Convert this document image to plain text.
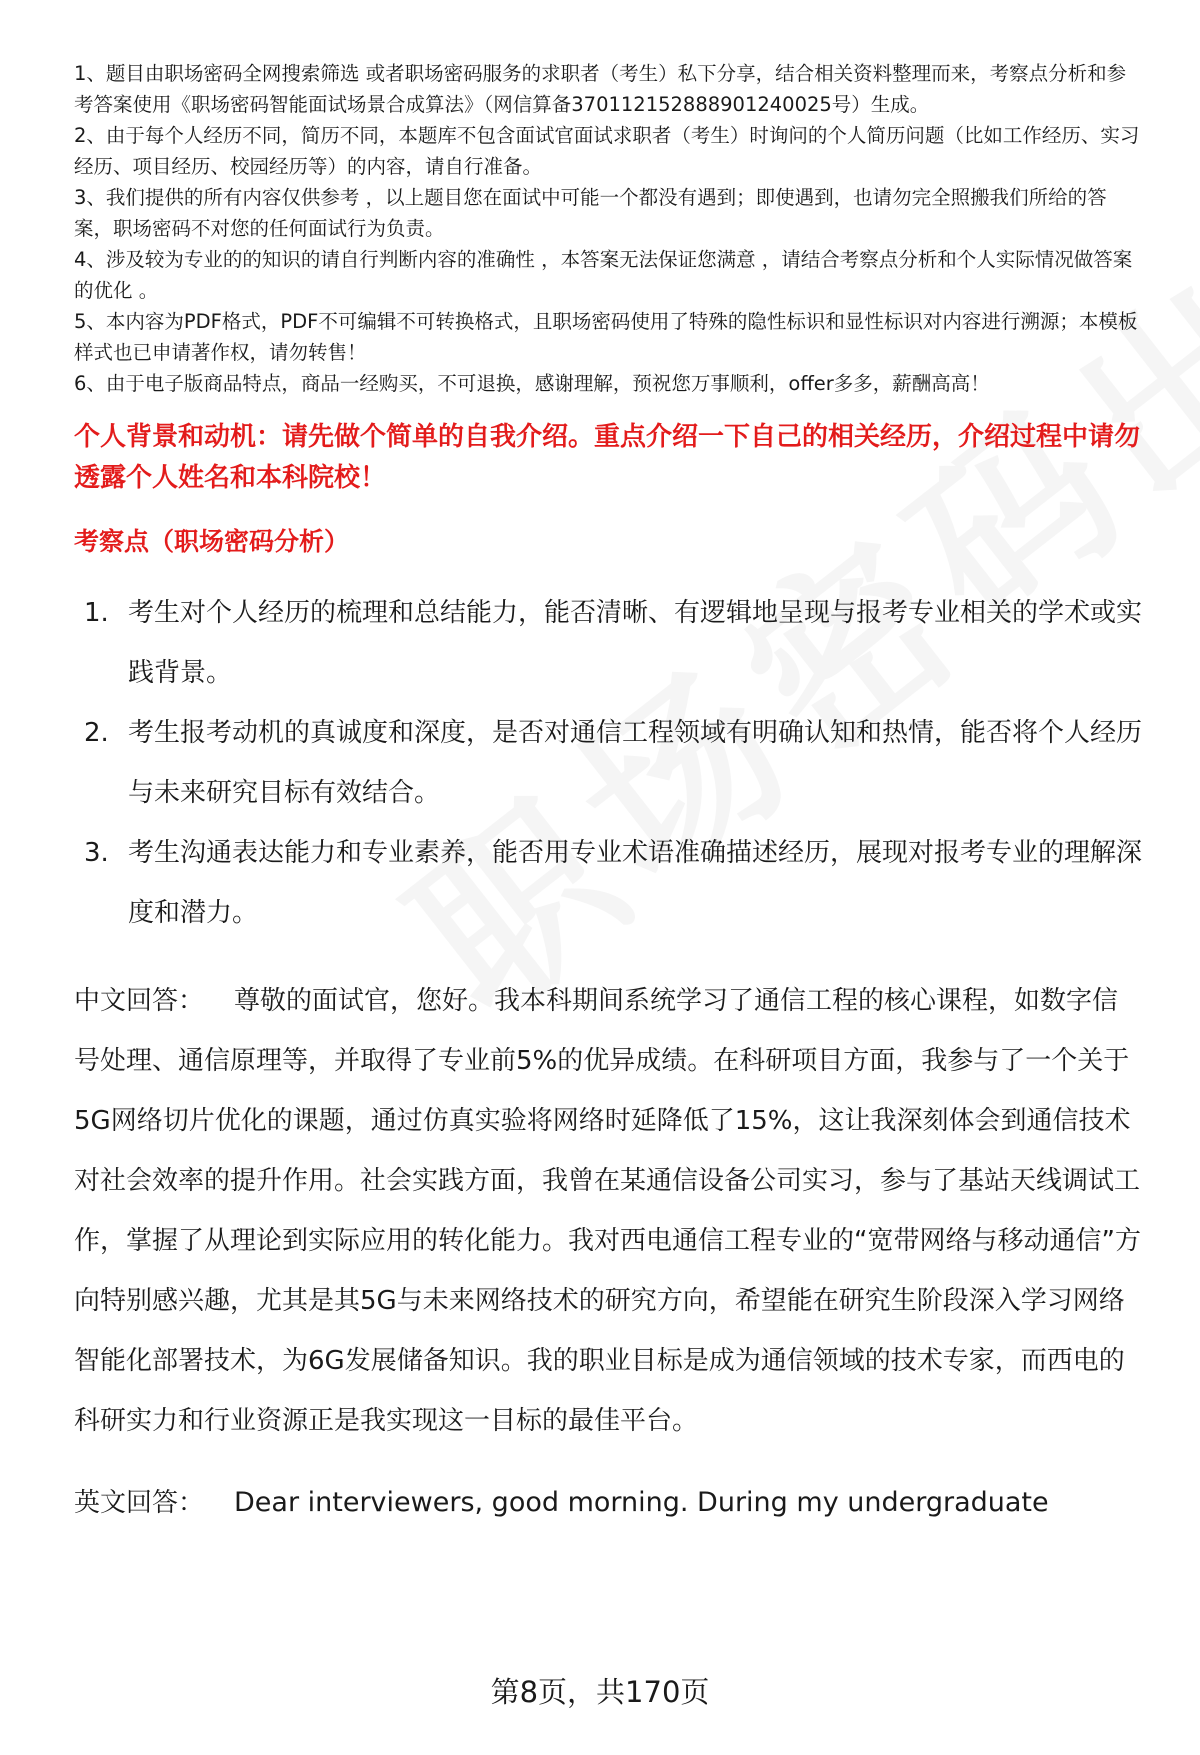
1、题目由职场密码全网搜索筛选 或者职场密码服务的求职者（考生）私下分享，结合相关资料整理而来，考察点分析和参考答案使用《职场密码智能面试场景合成算法》（网信算备370112152888901240025号）生成。

2、由于每个人经历不同，简历不同，本题库不包含面试官面试求职者（考生）时询问的个人简历问题（比如工作经历、实习经历、项目经历、校园经历等）的内容，请自行准备。

3、我们提供的所有内容仅供参考 ，以上题目您在面试中可能一个都没有遇到；即使遇到，也请勿完全照搬我们所给的答案，职场密码不对您的任何面试行为负责。

4、涉及较为专业的的知识的请自行判断内容的准确性 ，本答案无法保证您满意 ，请结合考察点分析和个人实际情况做答案的优化 。

5、本内容为PDF格式，PDF不可编辑不可转换格式，且职场密码使用了特殊的隐性标识和显性标识对内容进行溯源；本模板样式也已申请著作权，请勿转售！

6、由于电子版商品特点，商品一经购买，不可退换，感谢理解，预祝您万事顺利，offer多多，薪酬高高！

个人背景和动机：请先做个简单的自我介绍。重点介绍一下自己的相关经历，介绍过程中请勿透露个人姓名和本科院校！

考察点（职场密码分析）

1. 考生对个人经历的梳理和总结能力，能否清晰、有逻辑地呈现与报考专业相关的学术或实践背景。

2. 考生报考动机的真诚度和深度，是否对通信工程领域有明确认知和热情，能否将个人经历与未来研究目标有效结合。

3. 考生沟通表达能力和专业素养，能否用专业术语准确描述经历，展现对报考专业的理解深度和潜力。

中文回答： 尊敬的面试官，您好。我本科期间系统学习了通信工程的核心课程，如数字信号处理、通信原理等，并取得了专业前5%的优异成绩。在科研项目方面，我参与了一个关于5G网络切片优化的课题，通过仿真实验将网络时延降低了15%，这让我深刻体会到通信技术对社会效率的提升作用。社会实践方面，我曾在某通信设备公司实习，参与了基站天线调试工作，掌握了从理论到实际应用的转化能力。我对西电通信工程专业的“宽带网络与移动通信”方向特别感兴趣，尤其是其5G与未来网络技术的研究方向，希望能在研究生阶段深入学习网络智能化部署技术，为6G发展储备知识。我的职业目标是成为通信领域的技术专家，而西电的科研实力和行业资源正是我实现这一目标的最佳平台。

英文回答： Dear interviewers, good morning. During my undergraduate

第8页，共170页
